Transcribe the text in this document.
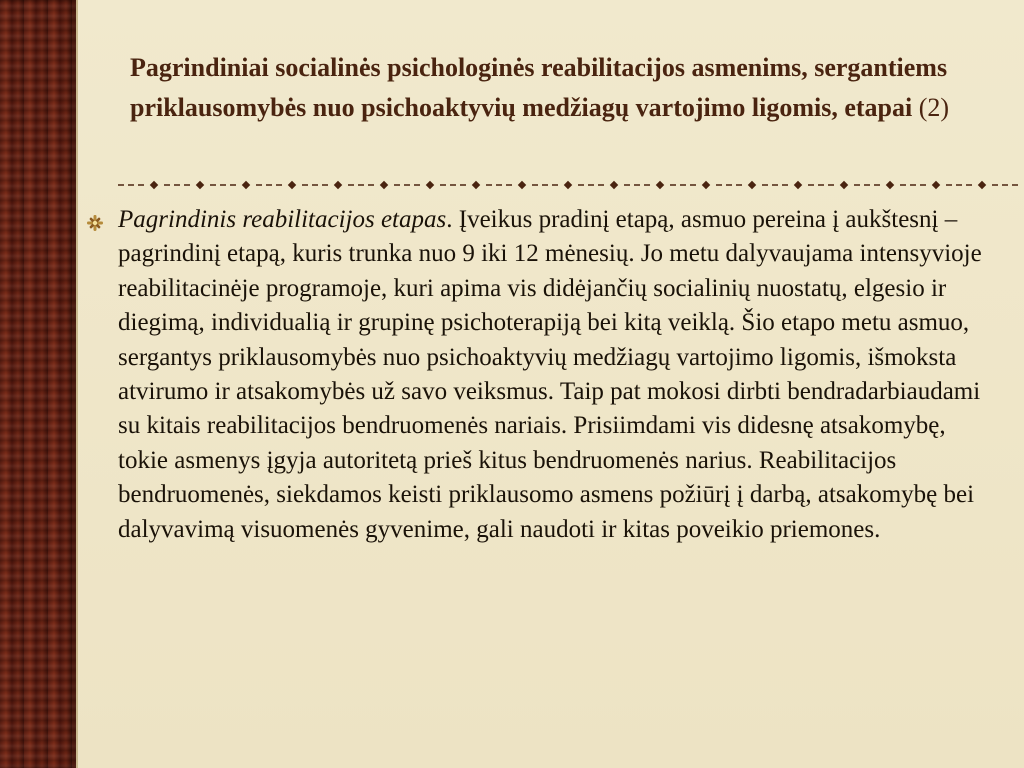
Pagrindiniai socialinės psichologinės reabilitacijos asmenims, sergantiems priklausomybės nuo psichoaktyvių medžiagų vartojimo ligomis, etapai (2)
Pagrindinis reabilitacijos etapas. Įveikus pradinį etapą, asmuo pereina į aukštesnį – pagrindinį etapą, kuris trunka nuo 9 iki 12 mėnesių. Jo metu dalyvaujama intensyvioje reabilitacinėje programoje, kuri apima vis didėjančių socialinių nuostatų, elgesio ir diegimą, individualią ir grupinę psichoterapiją bei kitą veiklą. Šio etapo metu asmuo, sergantys priklausomybės nuo psichoaktyvių medžiagų vartojimo ligomis, išmoksta atvirumo ir atsakomybės už savo veiksmus. Taip pat mokosi dirbti bendradarbiaudami su kitais reabilitacijos bendruomenės nariais. Prisiimdami vis didesnę atsakomybę, tokie asmenys įgyja autoritetą prieš kitus bendruomenės narius. Reabilitacijos bendruomenės, siekdamos keisti priklausomo asmens požiūrį į darbą, atsakomybę bei dalyvavimą visuomenės gyvenime, gali naudoti ir kitas poveikio priemones.
